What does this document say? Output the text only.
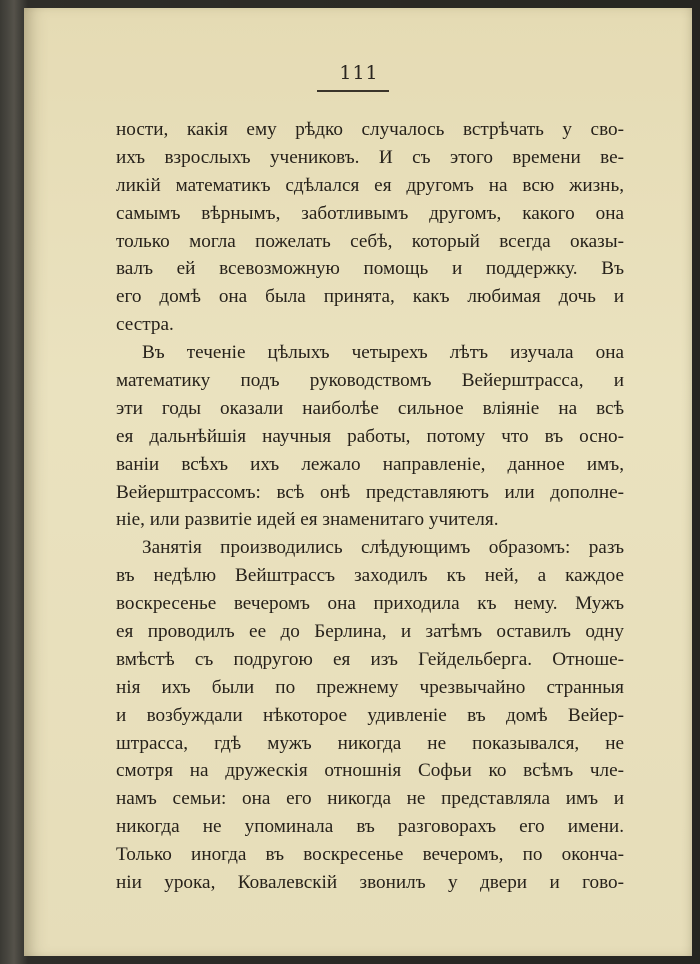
111
ности, какія ему рѣдко случалось встрѣчать у сво-
ихъ взрослыхъ учениковъ. И съ этого времени ве-
ликій математикъ сдѣлался ея другомъ на всю жизнь,
самымъ вѣрнымъ, заботливымъ другомъ, какого она
только могла пожелать себѣ, который всегда оказы-
валъ ей всевозможную помощь и поддержку. Въ
его домѣ она была принята, какъ любимая дочь и
сестра.
Въ теченіе цѣлыхъ четырехъ лѣтъ изучала она
математику подъ руководствомъ Вейерштрасса, и
эти годы оказали наиболѣе сильное вліяніе на всѣ
ея дальнѣйшія научныя работы, потому что въ осно-
ваніи всѣхъ ихъ лежало направленіе, данное имъ,
Вейерштрассомъ: всѣ онѣ представляютъ или дополне-
ніе, или развитіе идей ея знаменитаго учителя.
Занятія производились слѣдующимъ образомъ: разъ
въ недѣлю Вейштрассъ заходилъ къ ней, а каждое
воскресенье вечеромъ она приходила къ нему. Мужъ
ея проводилъ ее до Берлина, и затѣмъ оставилъ одну
вмѣстѣ съ подругою ея изъ Гейдельберга. Отноше-
нія ихъ были по прежнему чрезвычайно странныя
и возбуждали нѣкоторое удивленіе въ домѣ Вейер-
штрасса, гдѣ мужъ никогда не показывался, не
смотря на дружескія отношнія Софьи ко всѣмъ чле-
намъ семьи: она его никогда не представляла имъ и
никогда не упоминала въ разговорахъ его имени.
Только иногда въ воскресенье вечеромъ, по оконча-
ніи урока, Ковалевскій звонилъ у двери и гово-
